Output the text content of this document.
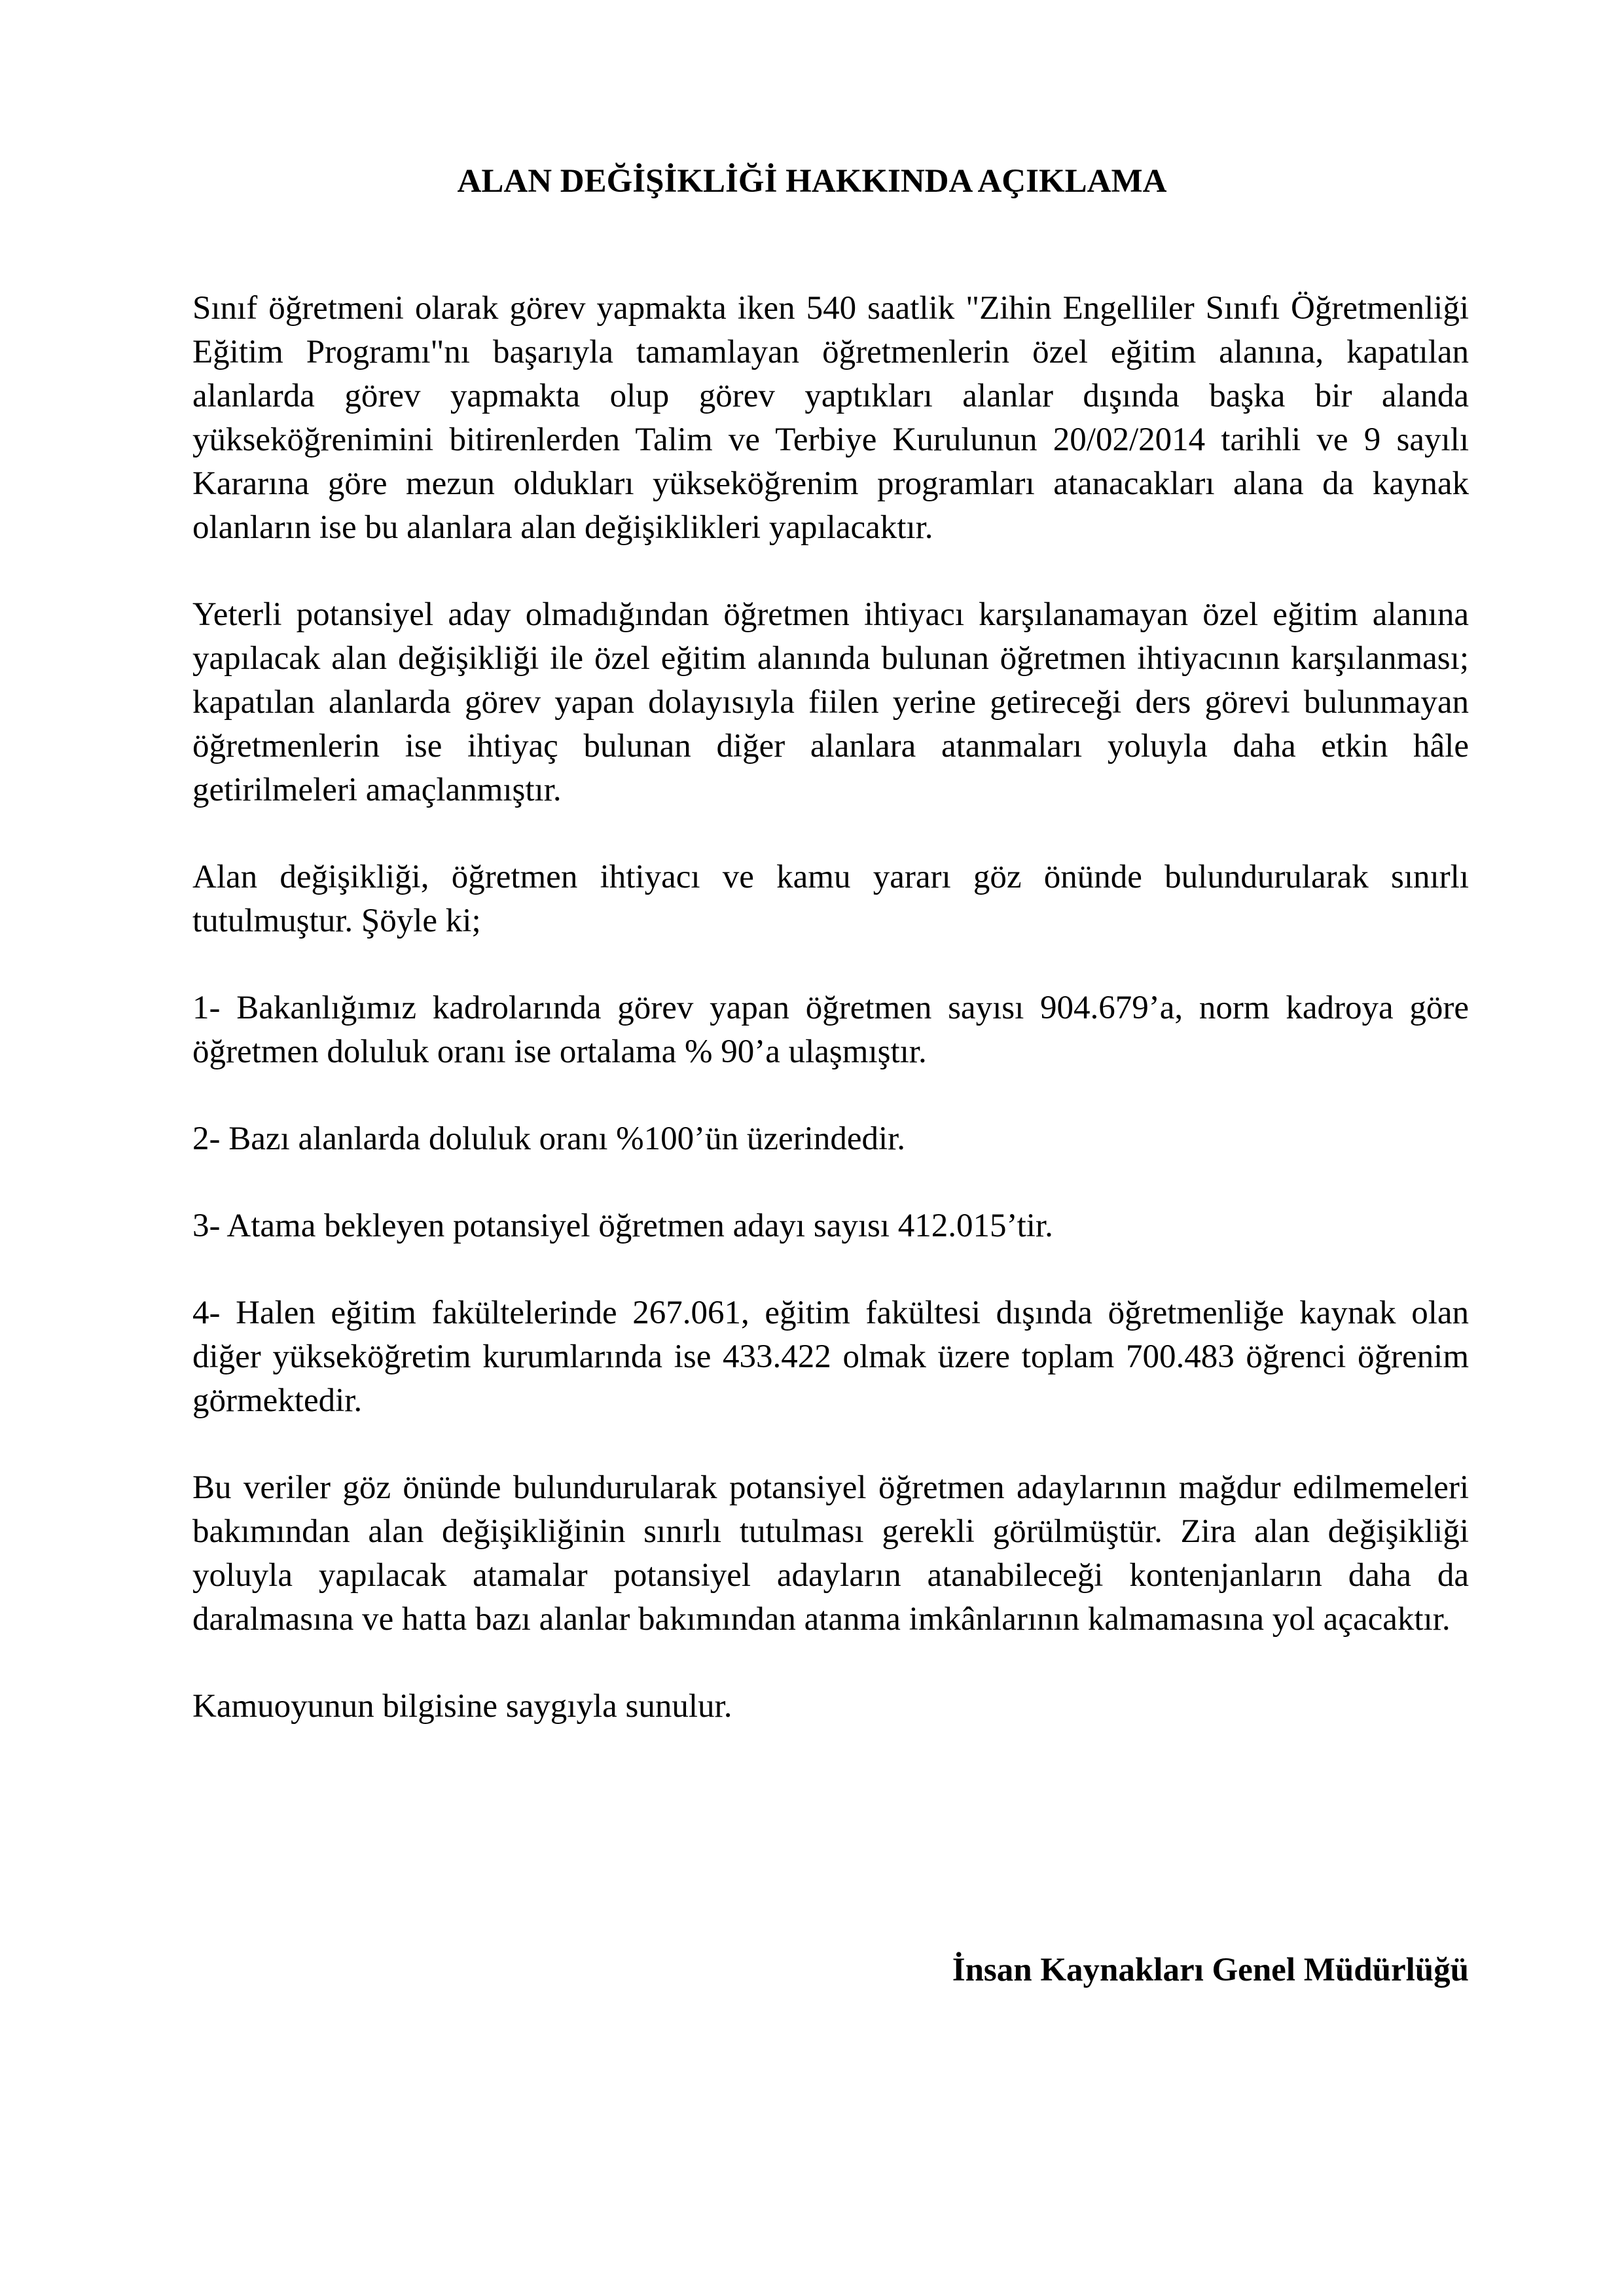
ALAN DEĞİŞİKLİĞİ HAKKINDA AÇIKLAMA

Sınıf öğretmeni olarak görev yapmakta iken 540 saatlik "Zihin Engelliler Sınıfı Öğretmenliği Eğitim Programı"nı başarıyla tamamlayan öğretmenlerin özel eğitim alanına, kapatılan alanlarda görev yapmakta olup görev yaptıkları alanlar dışında başka bir alanda yükseköğrenimini bitirenlerden Talim ve Terbiye Kurulunun 20/02/2014 tarihli ve 9 sayılı Kararına göre mezun oldukları yükseköğrenim programları atanacakları alana da kaynak olanların ise bu alanlara alan değişiklikleri yapılacaktır.

Yeterli potansiyel aday olmadığından öğretmen ihtiyacı karşılanamayan özel eğitim alanına yapılacak alan değişikliği ile özel eğitim alanında bulunan öğretmen ihtiyacının karşılanması; kapatılan alanlarda görev yapan dolayısıyla fiilen yerine getireceği ders görevi bulunmayan öğretmenlerin ise ihtiyaç bulunan diğer alanlara atanmaları yoluyla daha etkin hâle getirilmeleri amaçlanmıştır.

Alan değişikliği, öğretmen ihtiyacı ve kamu yararı göz önünde bulundurularak sınırlı tutulmuştur. Şöyle ki;

1- Bakanlığımız kadrolarında görev yapan öğretmen sayısı 904.679’a, norm kadroya göre öğretmen doluluk oranı ise ortalama % 90’a ulaşmıştır.

2- Bazı alanlarda doluluk oranı %100’ün üzerindedir.

3- Atama bekleyen potansiyel öğretmen adayı sayısı 412.015’tir.

4- Halen eğitim fakültelerinde 267.061, eğitim fakültesi dışında öğretmenliğe kaynak olan diğer yükseköğretim kurumlarında ise 433.422 olmak üzere toplam 700.483 öğrenci öğrenim görmektedir.

Bu veriler göz önünde bulundurularak potansiyel öğretmen adaylarının mağdur edilmemeleri bakımından alan değişikliğinin sınırlı tutulması gerekli görülmüştür. Zira alan değişikliği yoluyla yapılacak atamalar potansiyel adayların atanabileceği kontenjanların daha da daralmasına ve hatta bazı alanlar bakımından atanma imkânlarının kalmamasına yol açacaktır.

Kamuoyunun bilgisine saygıyla sunulur.

İnsan Kaynakları Genel Müdürlüğü
